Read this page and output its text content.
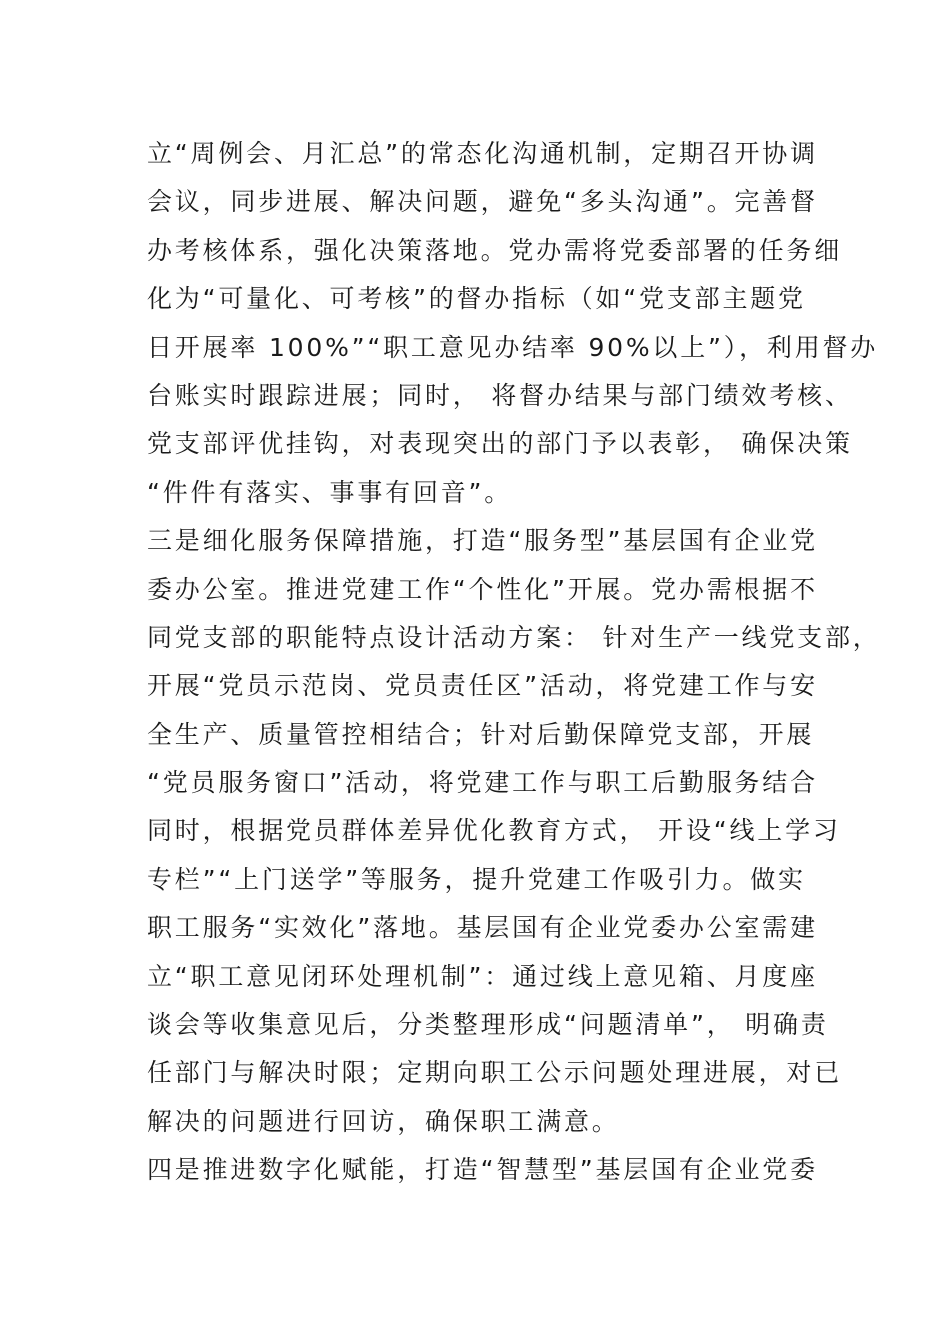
立“周例会、月汇总”的常态化沟通机制，定期召开协调
会议，同步进展、解决问题，避免“多头沟通”。完善督
办考核体系，强化决策落地。党办需将党委部署的任务细
化为“可量化、可考核”的督办指标（如“党支部主题党
日开展率 100%”“职工意见办结率 90%以上”），利用督办
台账实时跟踪进展；同时， 将督办结果与部门绩效考核、
党支部评优挂钩，对表现突出的部门予以表彰， 确保决策
“件件有落实、事事有回音”。
三是细化服务保障措施，打造“服务型”基层国有企业党
委办公室。推进党建工作“个性化”开展。党办需根据不
同党支部的职能特点设计活动方案： 针对生产一线党支部，
开展“党员示范岗、党员责任区”活动，将党建工作与安
全生产、质量管控相结合；针对后勤保障党支部，开展
“党员服务窗口”活动，将党建工作与职工后勤服务结合
同时，根据党员群体差异优化教育方式， 开设“线上学习
专栏”“上门送学”等服务，提升党建工作吸引力。做实
职工服务“实效化”落地。基层国有企业党委办公室需建
立“职工意见闭环处理机制”：通过线上意见箱、月度座
谈会等收集意见后，分类整理形成“问题清单”， 明确责
任部门与解决时限；定期向职工公示问题处理进展，对已
解决的问题进行回访，确保职工满意。
四是推进数字化赋能，打造“智慧型”基层国有企业党委
